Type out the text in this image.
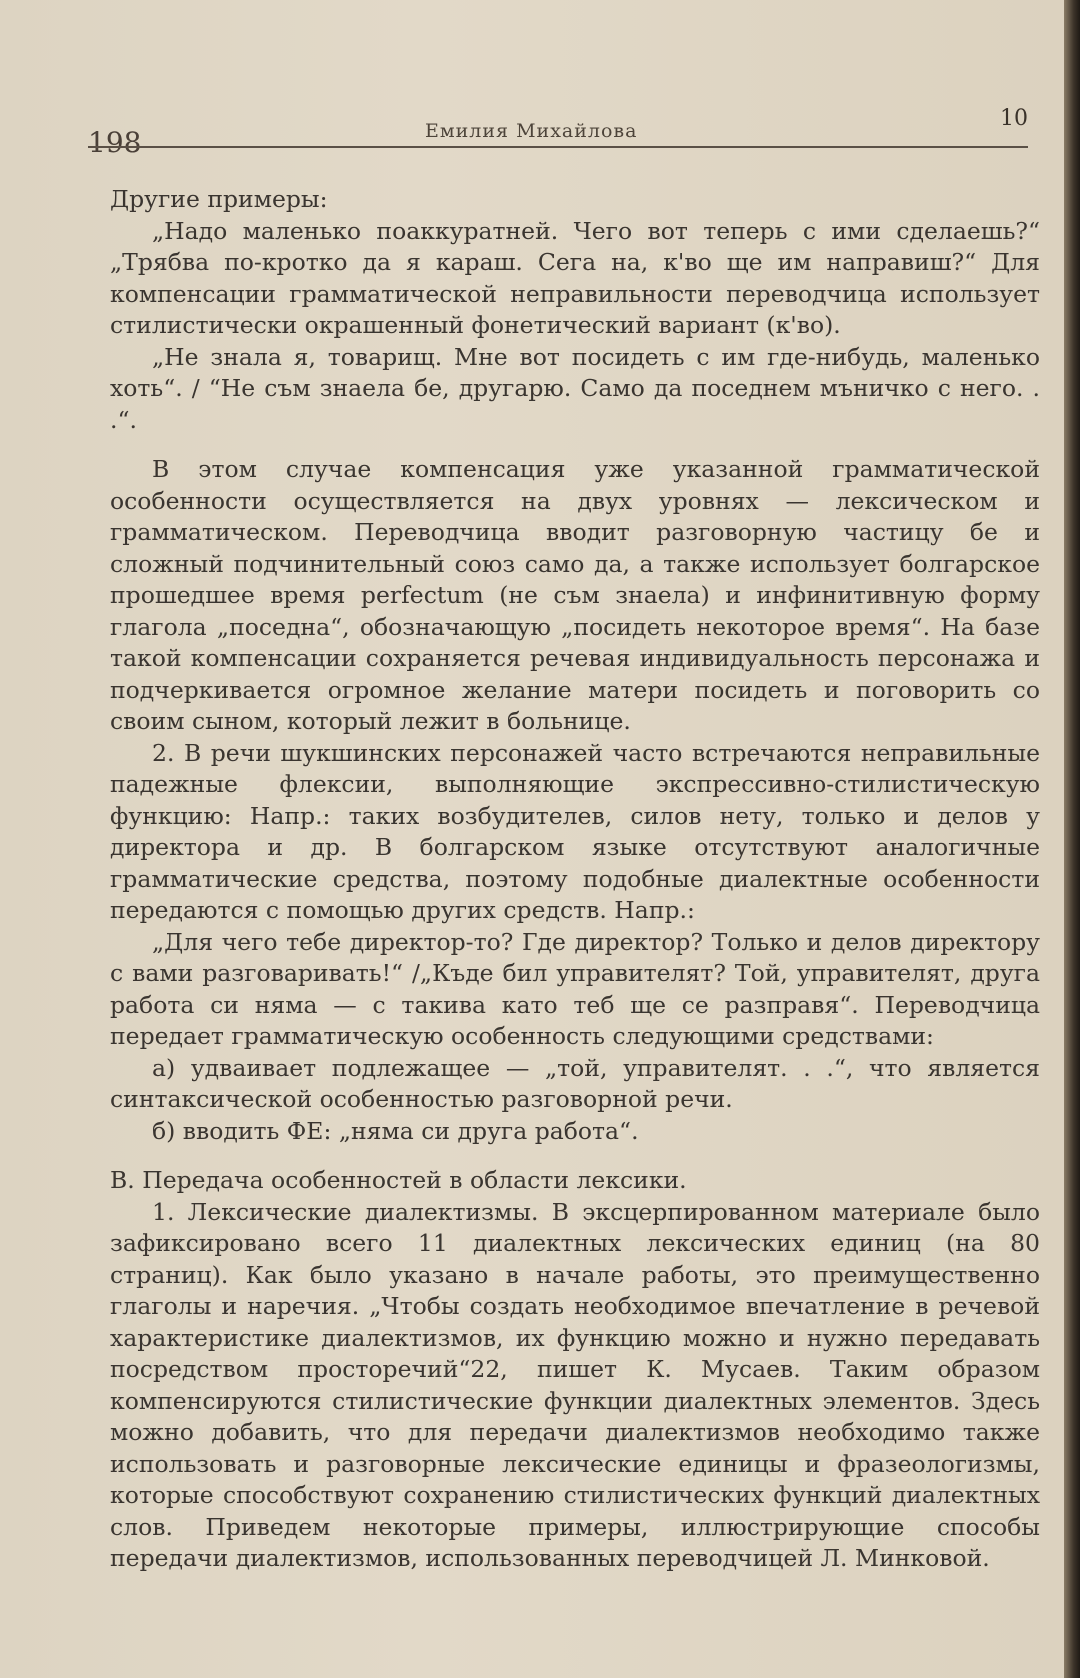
198	Емилия Михайлова	10

Другие примеры:

„Надо маленько поаккуратней. Чего вот теперь с ими сделаешь?“ „Трябва по-кротко да я караш. Сега на, к'во ще им направиш?“ Для компенсации грамматической неправильности переводчица использует стилистически окрашенный фонетический вариант (к'во).

„Не знала я, товарищ. Мне вот посидеть с им где-нибудь, маленько хоть“. / “Не съм знаела бе, другарю. Само да поседнем мъничко с него. . .“.

В этом случае компенсация уже указанной грамматической особенности осуществляется на двух уровнях — лексическом и грамматическом. Переводчица вводит разговорную частицу бе и сложный подчинительный союз само да, а также использует болгарское прошедшее время perfectum (не съм знаела) и инфинитивную форму глагола „поседна“, обозначающую „посидеть некоторое время“. На базе такой компенсации сохраняется речевая индивидуальность персонажа и подчеркивается огромное желание матери посидеть и поговорить со своим сыном, который лежит в больнице.

2. В речи шукшинских персонажей часто встречаются неправильные падежные флексии, выполняющие экспрессивно-стилистическую функцию: Напр.: таких возбудителев, силов нету, только и делов у директора и др. В болгарском языке отсутствуют аналогичные грамматические средства, поэтому подобные диалектные особенности передаются с помощью других средств. Напр.:

„Для чего тебе директор-то? Где директор? Только и делов директору с вами разговаривать!“ /„Къде бил управителят? Той, управителят, друга работа си няма — с такива като теб ще се разправя“. Переводчица передает грамматическую особенность следующими средствами:

а) удваивает подлежащее — „той, управителят. . .“, что является синтаксической особенностью разговорной речи.

б) вводить ФЕ: „няма си друга работа“.

В. Передача особенностей в области лексики.

1. Лексические диалектизмы. В эксцерпированном материале было зафиксировано всего 11 диалектных лексических единиц (на 80 страниц). Как было указано в начале работы, это преимущественно глаголы и наречия. „Чтобы создать необходимое впечатление в речевой характеристике диалектизмов, их функцию можно и нужно передавать посредством просторечий“22, пишет К. Мусаев. Таким образом компенсируются стилистические функции диалектных элементов. Здесь можно добавить, что для передачи диалектизмов необходимо также использовать и разговорные лексические единицы и фразеологизмы, которые способствуют сохранению стилистических функций диалектных слов. Приведем некоторые примеры, иллюстрирующие способы передачи диалектизмов, использованных переводчицей Л. Минковой.
